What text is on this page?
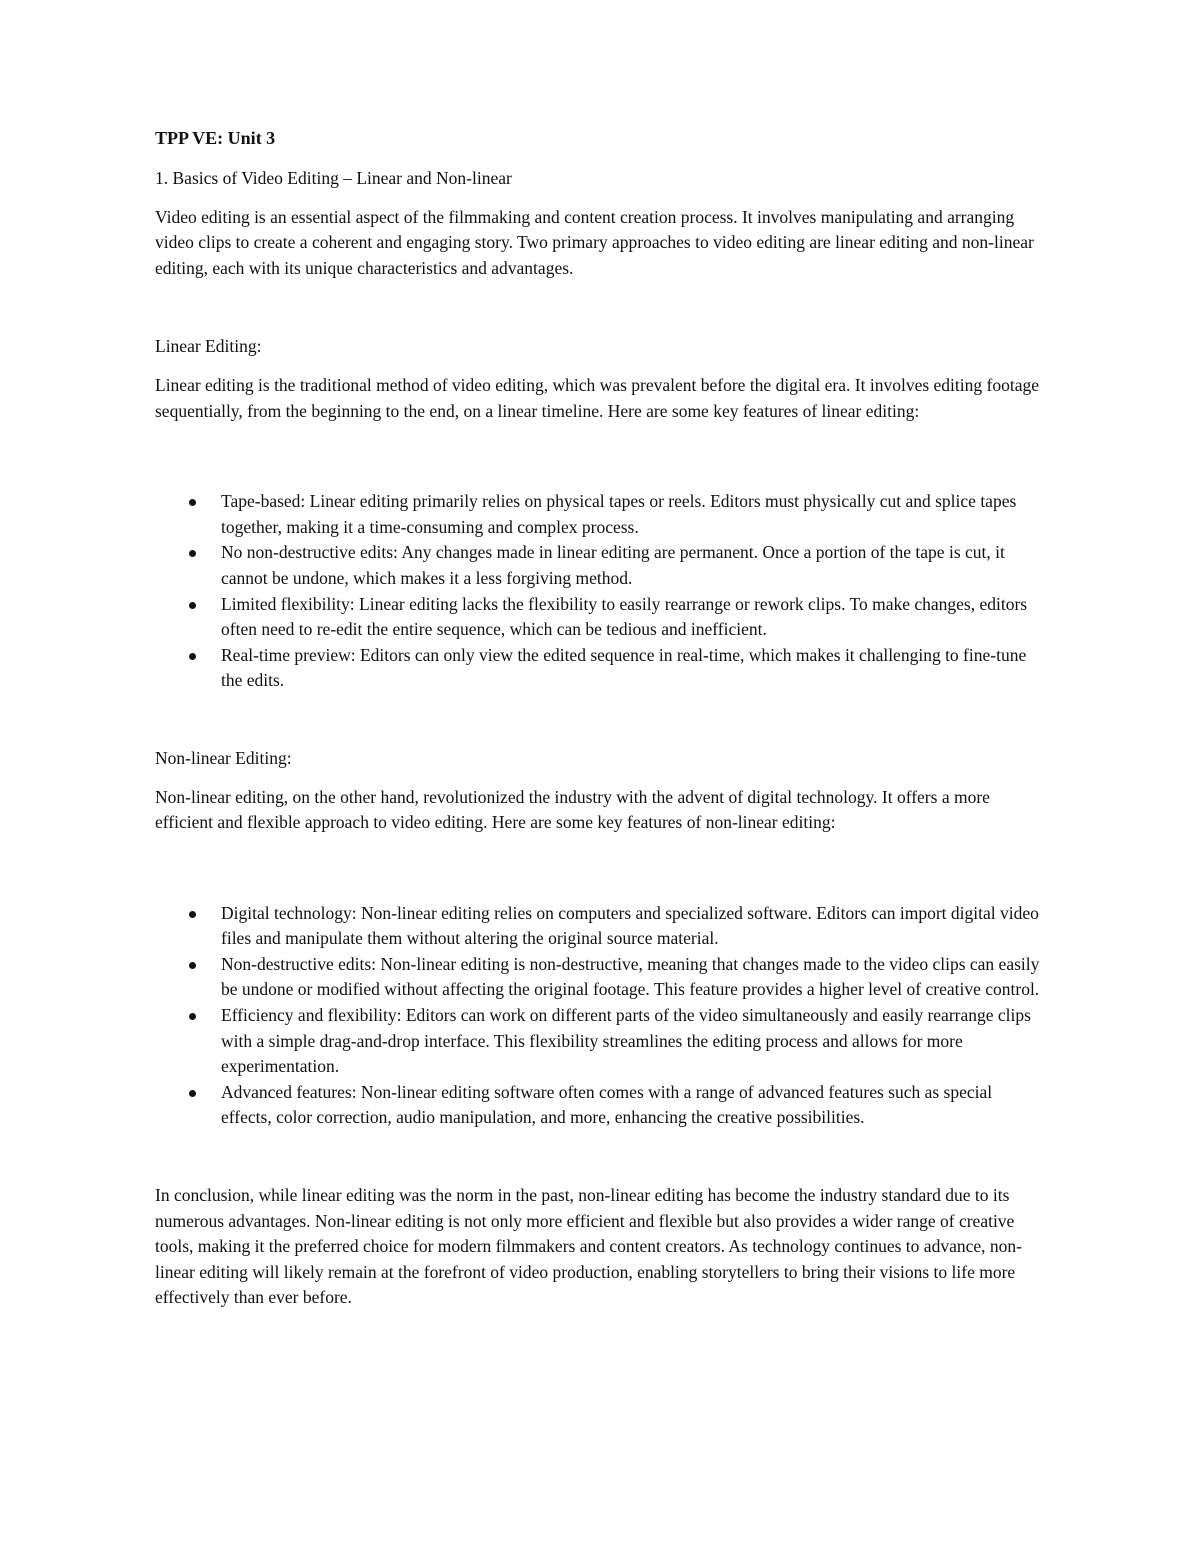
TPP VE: Unit 3

1. Basics of Video Editing – Linear and Non-linear

Video editing is an essential aspect of the filmmaking and content creation process. It involves manipulating and arranging video clips to create a coherent and engaging story. Two primary approaches to video editing are linear editing and non-linear editing, each with its unique characteristics and advantages.

Linear Editing:

Linear editing is the traditional method of video editing, which was prevalent before the digital era. It involves editing footage sequentially, from the beginning to the end, on a linear timeline. Here are some key features of linear editing:

Tape-based: Linear editing primarily relies on physical tapes or reels. Editors must physically cut and splice tapes together, making it a time-consuming and complex process.
No non-destructive edits: Any changes made in linear editing are permanent. Once a portion of the tape is cut, it cannot be undone, which makes it a less forgiving method.
Limited flexibility: Linear editing lacks the flexibility to easily rearrange or rework clips. To make changes, editors often need to re-edit the entire sequence, which can be tedious and inefficient.
Real-time preview: Editors can only view the edited sequence in real-time, which makes it challenging to fine-tune the edits.

Non-linear Editing:

Non-linear editing, on the other hand, revolutionized the industry with the advent of digital technology. It offers a more efficient and flexible approach to video editing. Here are some key features of non-linear editing:

Digital technology: Non-linear editing relies on computers and specialized software. Editors can import digital video files and manipulate them without altering the original source material.
Non-destructive edits: Non-linear editing is non-destructive, meaning that changes made to the video clips can easily be undone or modified without affecting the original footage. This feature provides a higher level of creative control.
Efficiency and flexibility: Editors can work on different parts of the video simultaneously and easily rearrange clips with a simple drag-and-drop interface. This flexibility streamlines the editing process and allows for more experimentation.
Advanced features: Non-linear editing software often comes with a range of advanced features such as special effects, color correction, audio manipulation, and more, enhancing the creative possibilities.

In conclusion, while linear editing was the norm in the past, non-linear editing has become the industry standard due to its numerous advantages. Non-linear editing is not only more efficient and flexible but also provides a wider range of creative tools, making it the preferred choice for modern filmmakers and content creators. As technology continues to advance, non-linear editing will likely remain at the forefront of video production, enabling storytellers to bring their visions to life more effectively than ever before.
